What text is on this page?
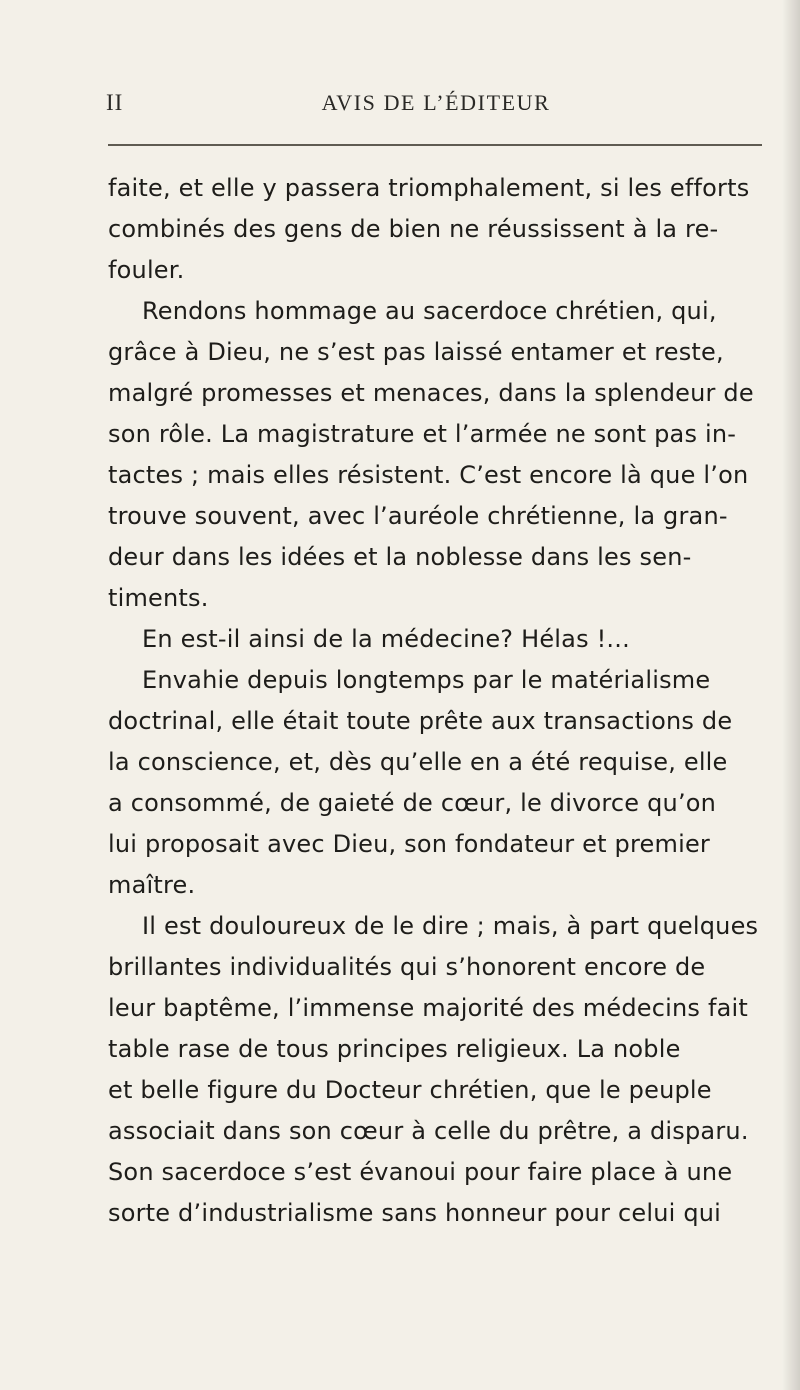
II	AVIS DE L’ÉDITEUR
faite, et elle y passera triomphalement, si les efforts
combinés des gens de bien ne réussissent à la re-
fouler.
Rendons hommage au sacerdoce chrétien, qui,
grâce à Dieu, ne s’est pas laissé entamer et reste,
malgré promesses et menaces, dans la splendeur de
son rôle. La magistrature et l’armée ne sont pas in-
tactes ; mais elles résistent. C’est encore là que l’on
trouve souvent, avec l’auréole chrétienne, la gran-
deur dans les idées et la noblesse dans les sen-
timents.
En est-il ainsi de la médecine? Hélas !...
Envahie depuis longtemps par le matérialisme
doctrinal, elle était toute prête aux transactions de
la conscience, et, dès qu’elle en a été requise, elle
a consommé, de gaieté de cœur, le divorce qu’on
lui proposait avec Dieu, son fondateur et premier
maître.
Il est douloureux de le dire ; mais, à part quelques
brillantes individualités qui s’honorent encore de
leur baptême, l’immense majorité des médecins fait
table rase de tous principes religieux. La noble
et belle figure du Docteur chrétien, que le peuple
associait dans son cœur à celle du prêtre, a disparu.
Son sacerdoce s’est évanoui pour faire place à une
sorte d’industrialisme sans honneur pour celui qui
